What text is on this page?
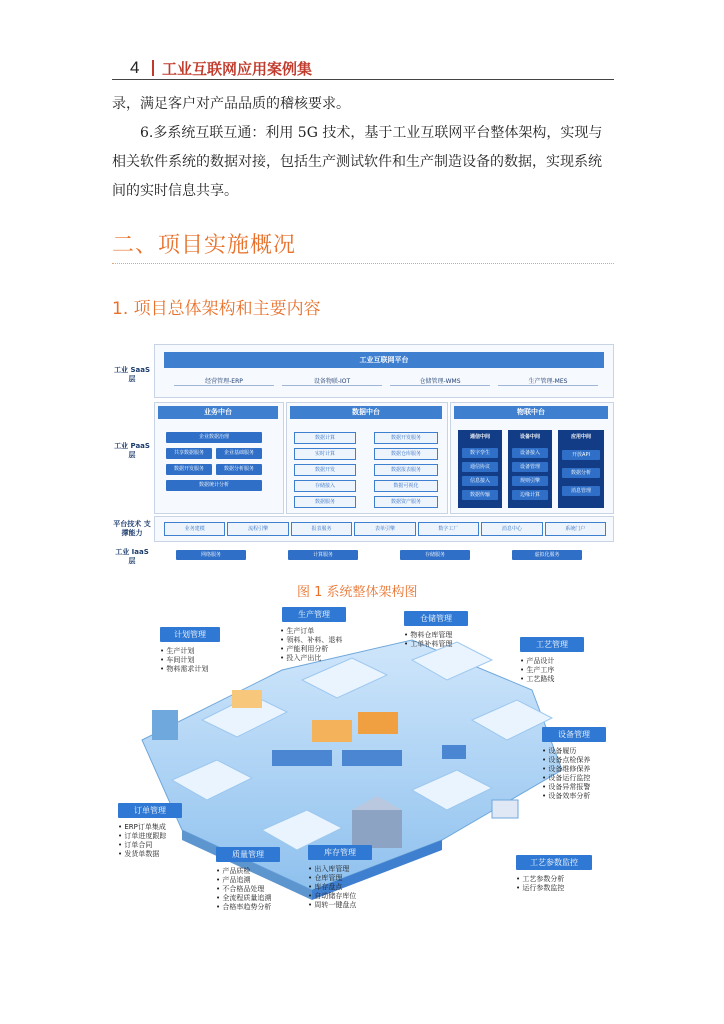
4 工业互联网应用案例集
录，满足客户对产品品质的稽核要求。
6.多系统互联互通：利用 5G 技术，基于工业互联网平台整体架构，实现与相关软件系统的数据对接，包括生产测试软件和生产制造设备的数据，实现系统间的实时信息共享。
二、项目实施概况
1. 项目总体架构和主要内容
工业 SaaS层
工业互联网平台
经营管理-ERP	设备物联-IOT	仓储管理-WMS	生产管理-MES
工业 PaaS层
业务中台
企业数据治理
共享数据服务	企业基础服务
数据开发服务	数据分析服务
数据统计分析
数据中台
数据计算	数据开发服务
实时计算	数据仓库服务
数据开发	数据报表服务
存储接入	数据可视化
数据服务	数据资产服务
物联中台
通信中间
数字孪生
通信协议
信息接入
数据传输
设备中间
设备接入
设备管理
规则引擎
边缘计算
应用中间
开放API
数据分析
消息管理
平台技术 支撑能力
工业 IaaS层
网络服务	计算服务	存储服务	虚拟化服务
业务建模	流程引擎	报表服务	表单引擎	数字工厂	消息中心	系统门户
图 1 系统整体架构图
计划管理
• 生产计划
• 车间计划
• 物料需求计划
生产管理
• 生产订单
• 领料、补料、退料
• 产能利用分析
• 投入产出比
仓储管理
• 物料仓库管理
• 工单补料管理	工艺管理
• 产品设计
• 生产工序
• 工艺路线
设备管理
• 设备履历
• 设备点检保养
• 设备维修保养
• 设备运行监控
• 设备异常报警
• 设备效率分析
订单管理
• ERP订单集成
• 订单进度跟踪
• 订单合同
• 发货单数据	质量管理
• 产品质检
• 产品追溯
• 不合格品处理
• 全流程质量追溯
• 合格率趋势分析
库存管理
• 出入库管理
• 仓库管理
• 库存盘点
• 自动储存库位
• 周转一键盘点
工艺参数监控
• 工艺参数分析
• 运行参数监控
